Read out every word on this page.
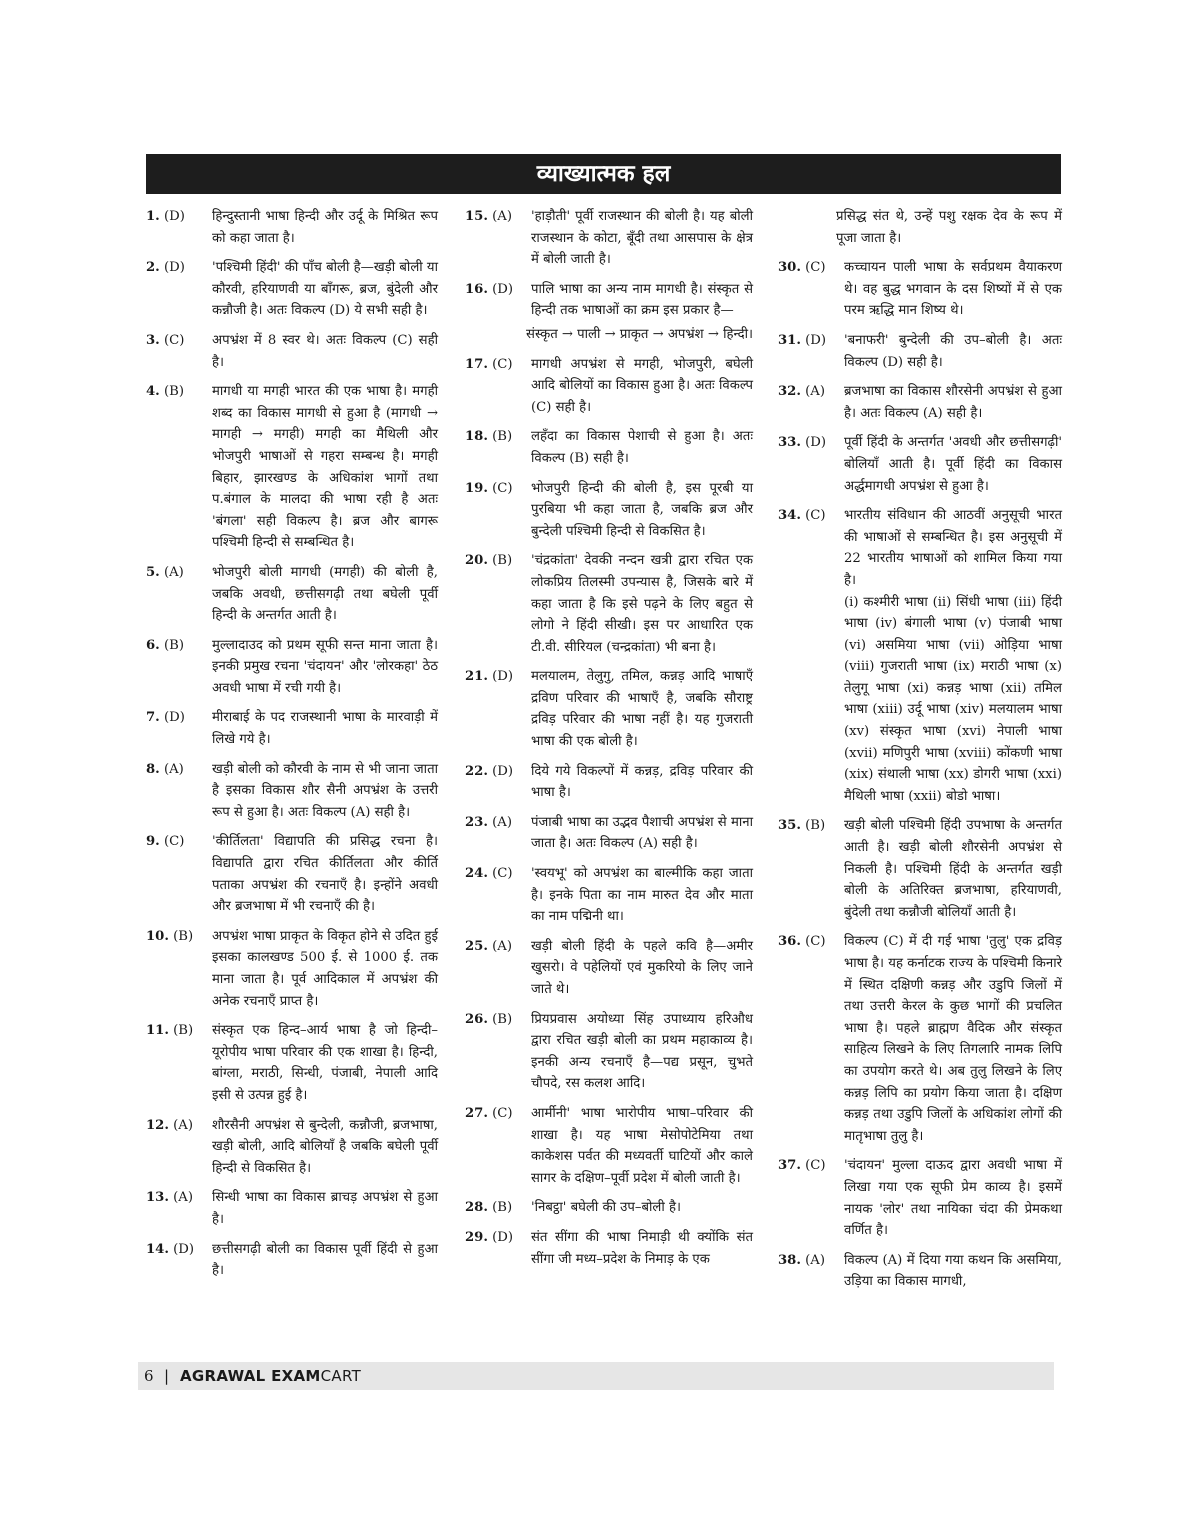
व्याख्यात्मक हल
1. (D)	हिन्दुस्तानी भाषा हिन्दी और उर्दू के मिश्रित रूप को कहा जाता है।
2. (D)	'पश्चिमी हिंदी' की पाँच बोली है—खड़ी बोली या कौरवी, हरियाणवी या बाँगरू, ब्रज, बुंदेली और कन्नौजी है। अतः विकल्प (D) ये सभी सही है।
3. (C)	अपभ्रंश में 8 स्वर थे। अतः विकल्प (C) सही है।
4. (B)	मागधी या मगही भारत की एक भाषा है। मगही शब्द का विकास मागधी से हुआ है (मागधी → मागही → मगही) मगही का मैथिली और भोजपुरी भाषाओं से गहरा सम्बन्ध है। मगही बिहार, झारखण्ड के अधिकांश भागों तथा प.बंगाल के मालदा की भाषा रही है अतः 'बंगला' सही विकल्प है। ब्रज और बागरू पश्चिमी हिन्दी से सम्बन्धित है।
5. (A)	भोजपुरी बोली मागधी (मगही) की बोली है, जबकि अवधी, छत्तीसगढ़ी तथा बघेली पूर्वी हिन्दी के अन्तर्गत आती है।
6. (B)	मुल्लादाउद को प्रथम सूफी सन्त माना जाता है। इनकी प्रमुख रचना 'चंदायन' और 'लोरकहा' ठेठ अवधी भाषा में रची गयी है।
7. (D)	मीराबाई के पद राजस्थानी भाषा के मारवाड़ी में लिखे गये है।
8. (A)	खड़ी बोली को कौरवी के नाम से भी जाना जाता है इसका विकास शौर सैनी अपभ्रंश के उत्तरी रूप से हुआ है। अतः विकल्प (A) सही है।
9. (C)	'कीर्तिलता' विद्यापति की प्रसिद्ध रचना है। विद्यापति द्वारा रचित कीर्तिलता और कीर्ति पताका अपभ्रंश की रचनाएँ है। इन्होंने अवधी और ब्रजभाषा में भी रचनाएँ की है।
10. (B)	अपभ्रंश भाषा प्राकृत के विकृत होने से उदित हुई इसका कालखण्ड 500 ई. से 1000 ई. तक माना जाता है। पूर्व आदिकाल में अपभ्रंश की अनेक रचनाएँ प्राप्त है।
11. (B)	संस्कृत एक हिन्द–आर्य भाषा है जो हिन्दी–यूरोपीय भाषा परिवार की एक शाखा है। हिन्दी, बांग्ला, मराठी, सिन्धी, पंजाबी, नेपाली आदि इसी से उत्पन्न हुई है।
12. (A)	शौरसैनी अपभ्रंश से बुन्देली, कन्नौजी, ब्रजभाषा, खड़ी बोली, आदि बोलियाँ है जबकि बघेली पूर्वी हिन्दी से विकसित है।
13. (A)	सिन्धी भाषा का विकास ब्राचड़ अपभ्रंश से हुआ है।
14. (D)	छत्तीसगढ़ी बोली का विकास पूर्वी हिंदी से हुआ है।
15. (A)	'हाड़ौती' पूर्वी राजस्थान की बोली है। यह बोली राजस्थान के कोटा, बूँदी तथा आसपास के क्षेत्र में बोली जाती है।
16. (D)	पालि भाषा का अन्य नाम मागधी है। संस्कृत से हिन्दी तक भाषाओं का क्रम इस प्रकार है—
संस्कृत → पाली → प्राकृत → अपभ्रंश → हिन्दी।
17. (C)	मागधी अपभ्रंश से मगही, भोजपुरी, बघेली आदि बोलियों का विकास हुआ है। अतः विकल्प (C) सही है।
18. (B)	लहँदा का विकास पेशाची से हुआ है। अतः विकल्प (B) सही है।
19. (C)	भोजपुरी हिन्दी की बोली है, इस पूरबी या पुरबिया भी कहा जाता है, जबकि ब्रज और बुन्देली पश्चिमी हिन्दी से विकसित है।
20. (B)	'चंद्रकांता' देवकी नन्दन खत्री द्वारा रचित एक लोकप्रिय तिलस्मी उपन्यास है, जिसके बारे में कहा जाता है कि इसे पढ़ने के लिए बहुत से लोगो ने हिंदी सीखी। इस पर आधारित एक टी.वी. सीरियल (चन्द्रकांता) भी बना है।
21. (D)	मलयालम, तेलुगु, तमिल, कन्नड़ आदि भाषाएँ द्रविण परिवार की भाषाएँ है, जबकि सौराष्ट्र द्रविड़ परिवार की भाषा नहीं है। यह गुजराती भाषा की एक बोली है।
22. (D)	दिये गये विकल्पों में कन्नड़, द्रविड़ परिवार की भाषा है।
23. (A)	पंजाबी भाषा का उद्भव पैशाची अपभ्रंश से माना जाता है। अतः विकल्प (A) सही है।
24. (C)	'स्वयभू' को अपभ्रंश का बाल्मीकि कहा जाता है। इनके पिता का नाम मारुत देव और माता का नाम पद्मिनी था।
25. (A)	खड़ी बोली हिंदी के पहले कवि है—अमीर खुसरो। वे पहेलियों एवं मुकरियो के लिए जाने जाते थे।
26. (B)	प्रियप्रवास अयोध्या सिंह उपाध्याय हरिऔध द्वारा रचित खड़ी बोली का प्रथम महाकाव्य है। इनकी अन्य रचनाएँ है—पद्य प्रसून, चुभते चौपदे, रस कलश आदि।
27. (C)	आर्मीनी' भाषा भारोपीय भाषा–परिवार की शाखा है। यह भाषा मेसोपोटेमिया तथा काकेशस पर्वत की मध्यवर्ती घाटियों और काले सागर के दक्षिण–पूर्वी प्रदेश में बोली जाती है।
28. (B)	'निबट्ठा' बघेली की उप–बोली है।
29. (D)	संत सींगा की भाषा निमाड़ी थी क्योंकि संत सींगा जी मध्य–प्रदेश के निमाड़ के एक
प्रसिद्ध संत थे, उन्हें पशु रक्षक देव के रूप में पूजा जाता है।
30. (C)	कच्चायन पाली भाषा के सर्वप्रथम वैयाकरण थे। वह बुद्ध भगवान के दस शिष्यों में से एक परम ऋद्धि मान शिष्य थे।
31. (D)	'बनाफरी' बुन्देली की उप–बोली है। अतः विकल्प (D) सही है।
32. (A)	ब्रजभाषा का विकास शौरसेनी अपभ्रंश से हुआ है। अतः विकल्प (A) सही है।
33. (D)	पूर्वी हिंदी के अन्तर्गत 'अवधी और छत्तीसगढ़ी' बोलियाँ आती है। पूर्वी हिंदी का विकास अर्द्धमागधी अपभ्रंश से हुआ है।
34. (C)	भारतीय संविधान की आठवीं अनुसूची भारत की भाषाओं से सम्बन्धित है। इस अनुसूची में 22 भारतीय भाषाओं को शामिल किया गया है।
(i) कश्मीरी भाषा (ii) सिंधी भाषा (iii) हिंदी भाषा (iv) बंगाली भाषा (v) पंजाबी भाषा (vi) असमिया भाषा (vii) ओड़िया भाषा (viii) गुजराती भाषा (ix) मराठी भाषा (x) तेलुगू भाषा (xi) कन्नड़ भाषा (xii) तमिल भाषा (xiii) उर्दू भाषा (xiv) मलयालम भाषा (xv) संस्कृत भाषा (xvi) नेपाली भाषा (xvii) मणिपुरी भाषा (xviii) कोंकणी भाषा (xix) संथाली भाषा (xx) डोगरी भाषा (xxi) मैथिली भाषा (xxii) बोडो भाषा।
35. (B)	खड़ी बोली पश्चिमी हिंदी उपभाषा के अन्तर्गत आती है। खड़ी बोली शौरसेनी अपभ्रंश से निकली है। पश्चिमी हिंदी के अन्तर्गत खड़ी बोली के अतिरिक्त ब्रजभाषा, हरियाणवी, बुंदेली तथा कन्नौजी बोलियाँ आती है।
36. (C)	विकल्प (C) में दी गई भाषा 'तुलु' एक द्रविड़ भाषा है। यह कर्नाटक राज्य के पश्चिमी किनारे में स्थित दक्षिणी कन्नड़ और उडुपि जिलों में तथा उत्तरी केरल के कुछ भागों की प्रचलित भाषा है। पहले ब्राह्मण वैदिक और संस्कृत साहित्य लिखने के लिए तिगलारि नामक लिपि का उपयोग करते थे। अब तुलु लिखने के लिए कन्नड़ लिपि का प्रयोग किया जाता है। दक्षिण कन्नड़ तथा उडुपि जिलों के अधिकांश लोगों की मातृभाषा तुलु है।
37. (C)	'चंदायन' मुल्ला दाऊद द्वारा अवधी भाषा में लिखा गया एक सूफी प्रेम काव्य है। इसमें नायक 'लोर' तथा नायिका चंदा की प्रेमकथा वर्णित है।
38. (A)	विकल्प (A) में दिया गया कथन कि असमिया, उड़िया का विकास मागधी,
6 | AGRAWAL EXAMCART
